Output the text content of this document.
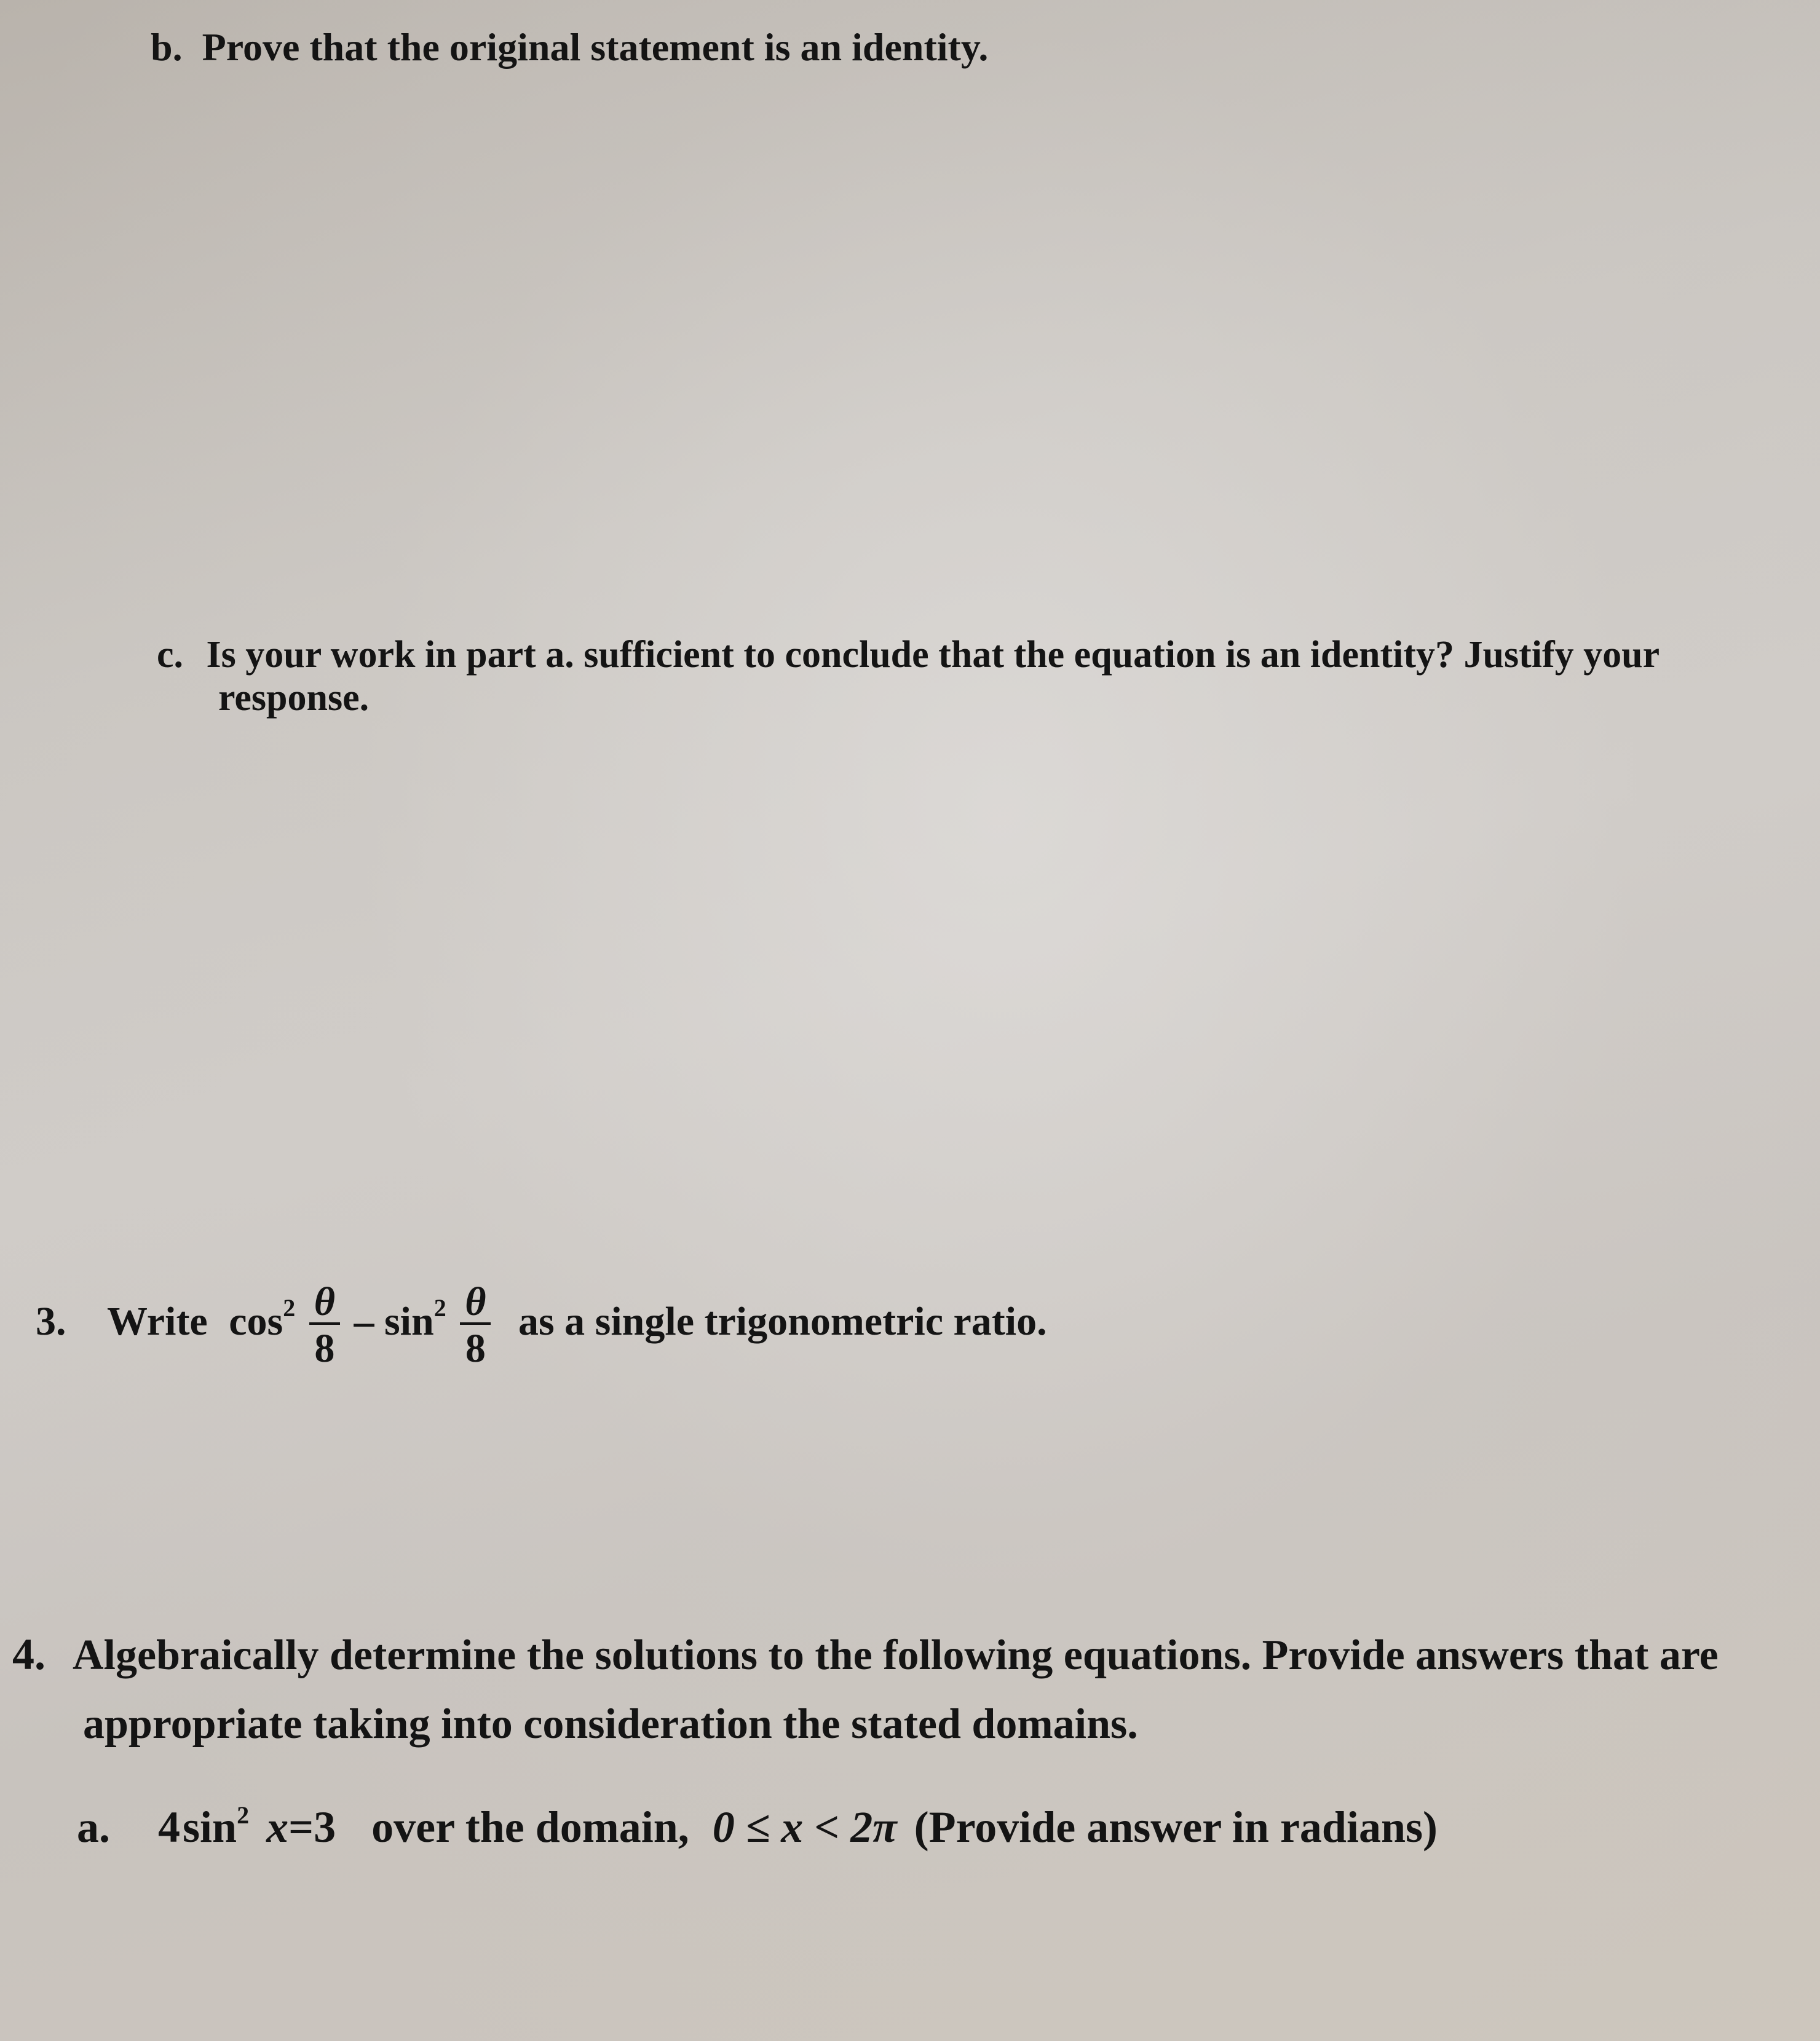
b. Prove that the original statement is an identity.
c. Is your work in part a. sufficient to conclude that the equation is an identity? Justify your
response.
3. Write $\cos^2 \frac{\theta}{8} - \sin^2 \frac{\theta}{8}$ as a single trigonometric ratio.
4. Algebraically determine the solutions to the following equations. Provide answers that are
appropriate taking into consideration the stated domains.
a. $4\sin^2$ x=3 over the domain, 0 ≤ x < 2π (Provide answer in radians)
